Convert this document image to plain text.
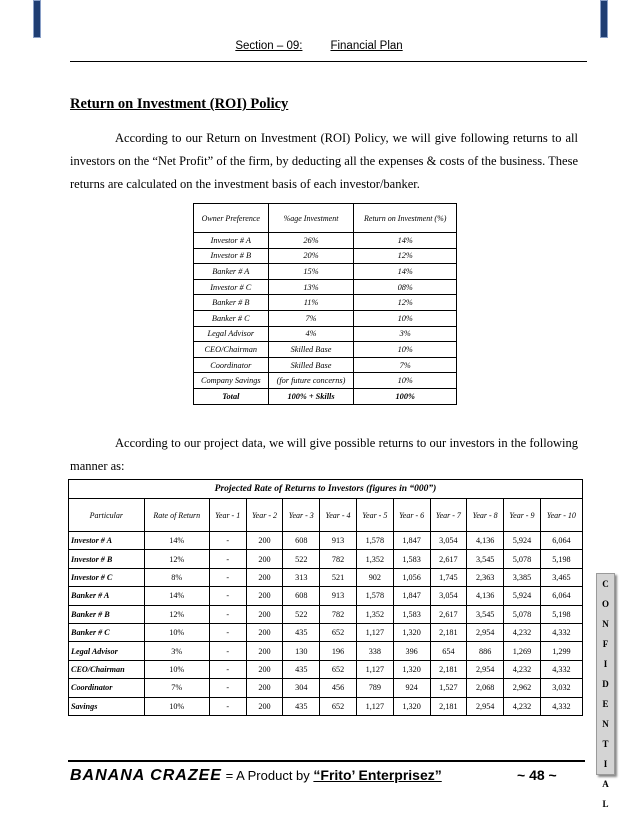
Section – 09: Financial Plan
Return on Investment (ROI) Policy
According to our Return on Investment (ROI) Policy, we will give following returns to all investors on the “Net Profit” of the firm, by deducting all the expenses & costs of the business. These returns are calculated on the investment basis of each investor/banker.
Owner Preference	%age Investment	Return on Investment (%)
Investor # A	26%	14%
Investor # B	20%	12%
Banker # A	15%	14%
Investor # C	13%	08%
Banker # B	11%	12%
Banker # C	7%	10%
Legal Advisor	4%	3%
CEO/Chairman	Skilled Base	10%
Coordinator	Skilled Base	7%
Company Savings	(for future concerns)	10%
Total	100% + Skills	100%
According to our project data, we will give possible returns to our investors in the following manner as:
Projected Rate of Returns to Investors (figures in “000”)											
Particular	Rate of Return	Year - 1	Year - 2	Year - 3	Year - 4	Year - 5	Year - 6	Year - 7	Year - 8	Year - 9	Year - 10
Investor # A	14%	-	200	608	913	1,578	1,847	3,054	4,136	5,924	6,064
Investor # B	12%	-	200	522	782	1,352	1,583	2,617	3,545	5,078	5,198
Investor # C	8%	-	200	313	521	902	1,056	1,745	2,363	3,385	3,465
Banker # A	14%	-	200	608	913	1,578	1,847	3,054	4,136	5,924	6,064
Banker # B	12%	-	200	522	782	1,352	1,583	2,617	3,545	5,078	5,198
Banker # C	10%	-	200	435	652	1,127	1,320	2,181	2,954	4,232	4,332
Legal Advisor	3%	-	200	130	196	338	396	654	886	1,269	1,299
CEO/Chairman	10%	-	200	435	652	1,127	1,320	2,181	2,954	4,232	4,332
Coordinator	7%	-	200	304	456	789	924	1,527	2,068	2,962	3,032
Savings	10%	-	200	435	652	1,127	1,320	2,181	2,954	4,232	4,332
C
O
N
F
I
D
E
N
T
I
A
L
BANANA CRAZEE = A Product by “Frito’ Enterprisez”	~ 48 ~
